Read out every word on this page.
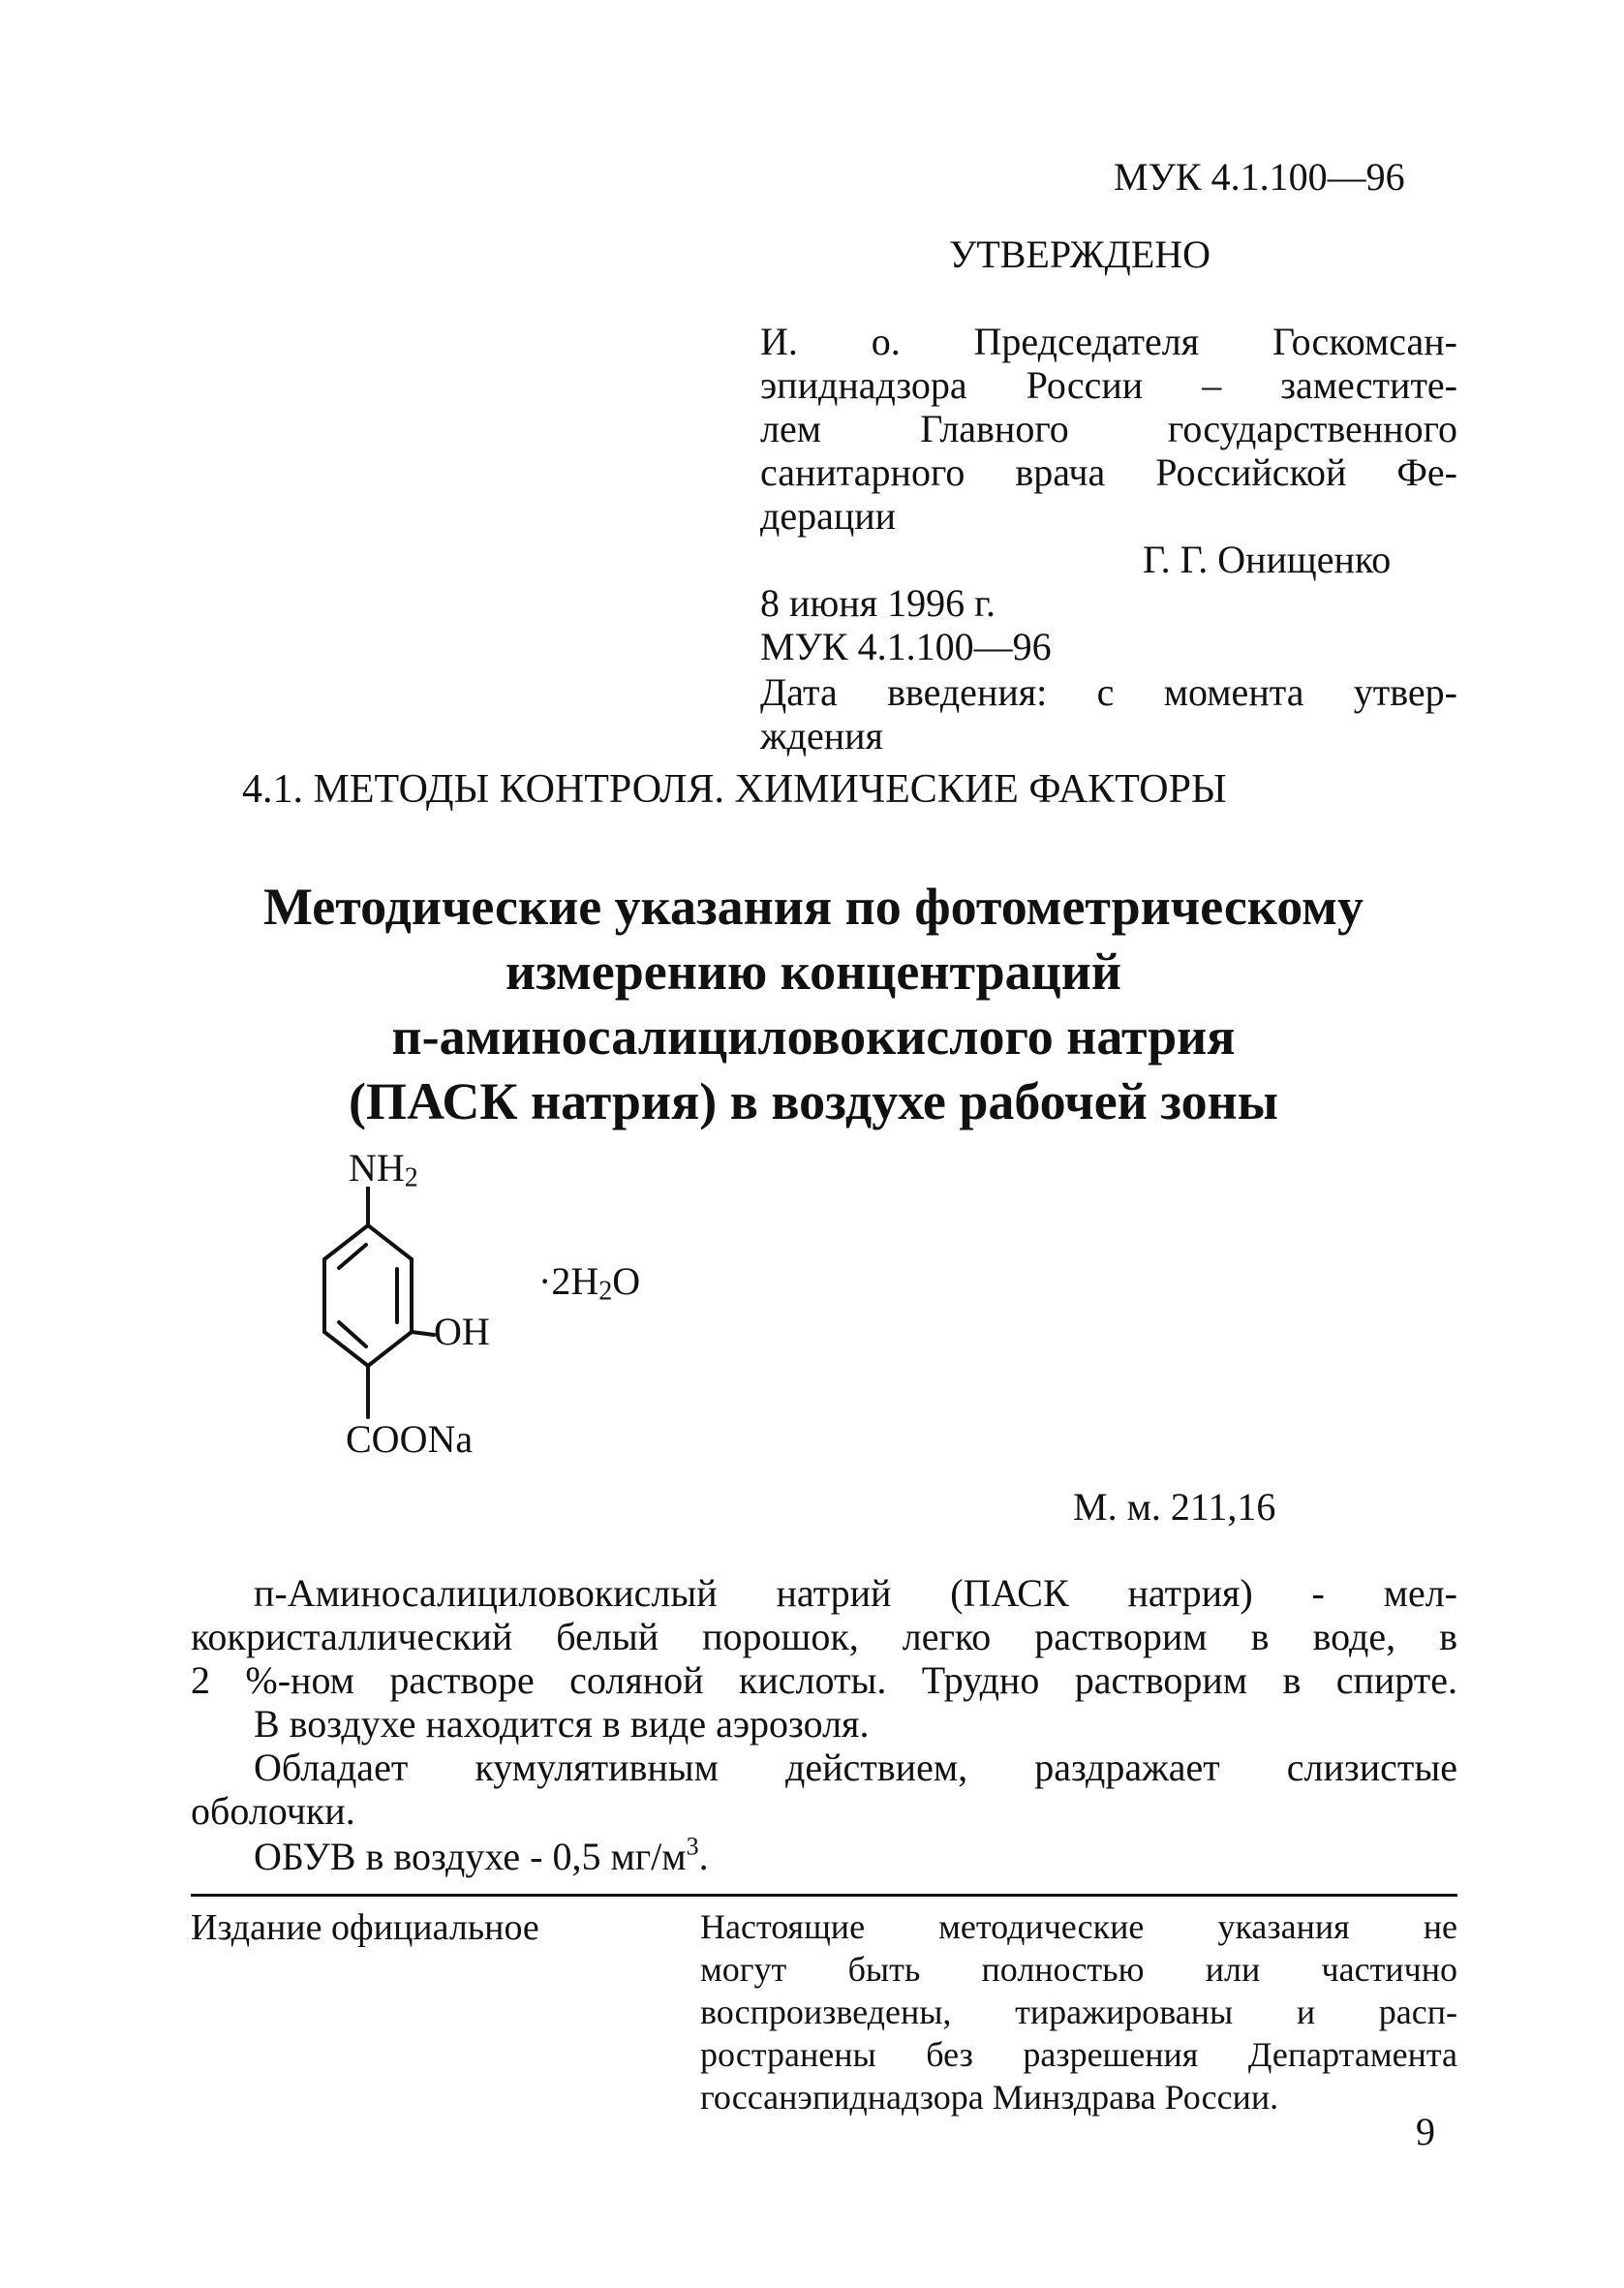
МУК 4.1.100—96
УТВЕРЖДЕНО
И. о. Председателя Госкомсан-
эпиднадзора России – заместите-
лем Главного государственного
санитарного врача Российской Фе-
дерации
Г. Г. Онищенко
8 июня 1996 г.
МУК 4.1.100—96
Дата введения: с момента утвер-
ждения
4.1. МЕТОДЫ КОНТРОЛЯ. ХИМИЧЕСКИЕ ФАКТОРЫ
Методические указания по фотометрическому
измерению концентраций
п-аминосалициловокислого натрия
(ПАСК натрия) в воздухе рабочей зоны
$NH_2$
OH
$\cdot 2H_2O$
COONa
М. м. 211,16
п-Аминосалициловокислый натрий (ПАСК натрия) - мел-
кокристаллический белый порошок, легко растворим в воде, в
2 %-ном растворе соляной кислоты. Трудно растворим в спирте.
В воздухе находится в виде аэрозоля.
Обладает кумулятивным действием, раздражает слизистые
оболочки.
ОБУВ в воздухе - 0,5 $мг/м^3$.
Издание официальное	Настоящие методические указания не
могут быть полностью или частично
воспроизведены, тиражированы и расп-
ространены без разрешения Департамента
госсанэпиднадзора Минздрава России.
9
